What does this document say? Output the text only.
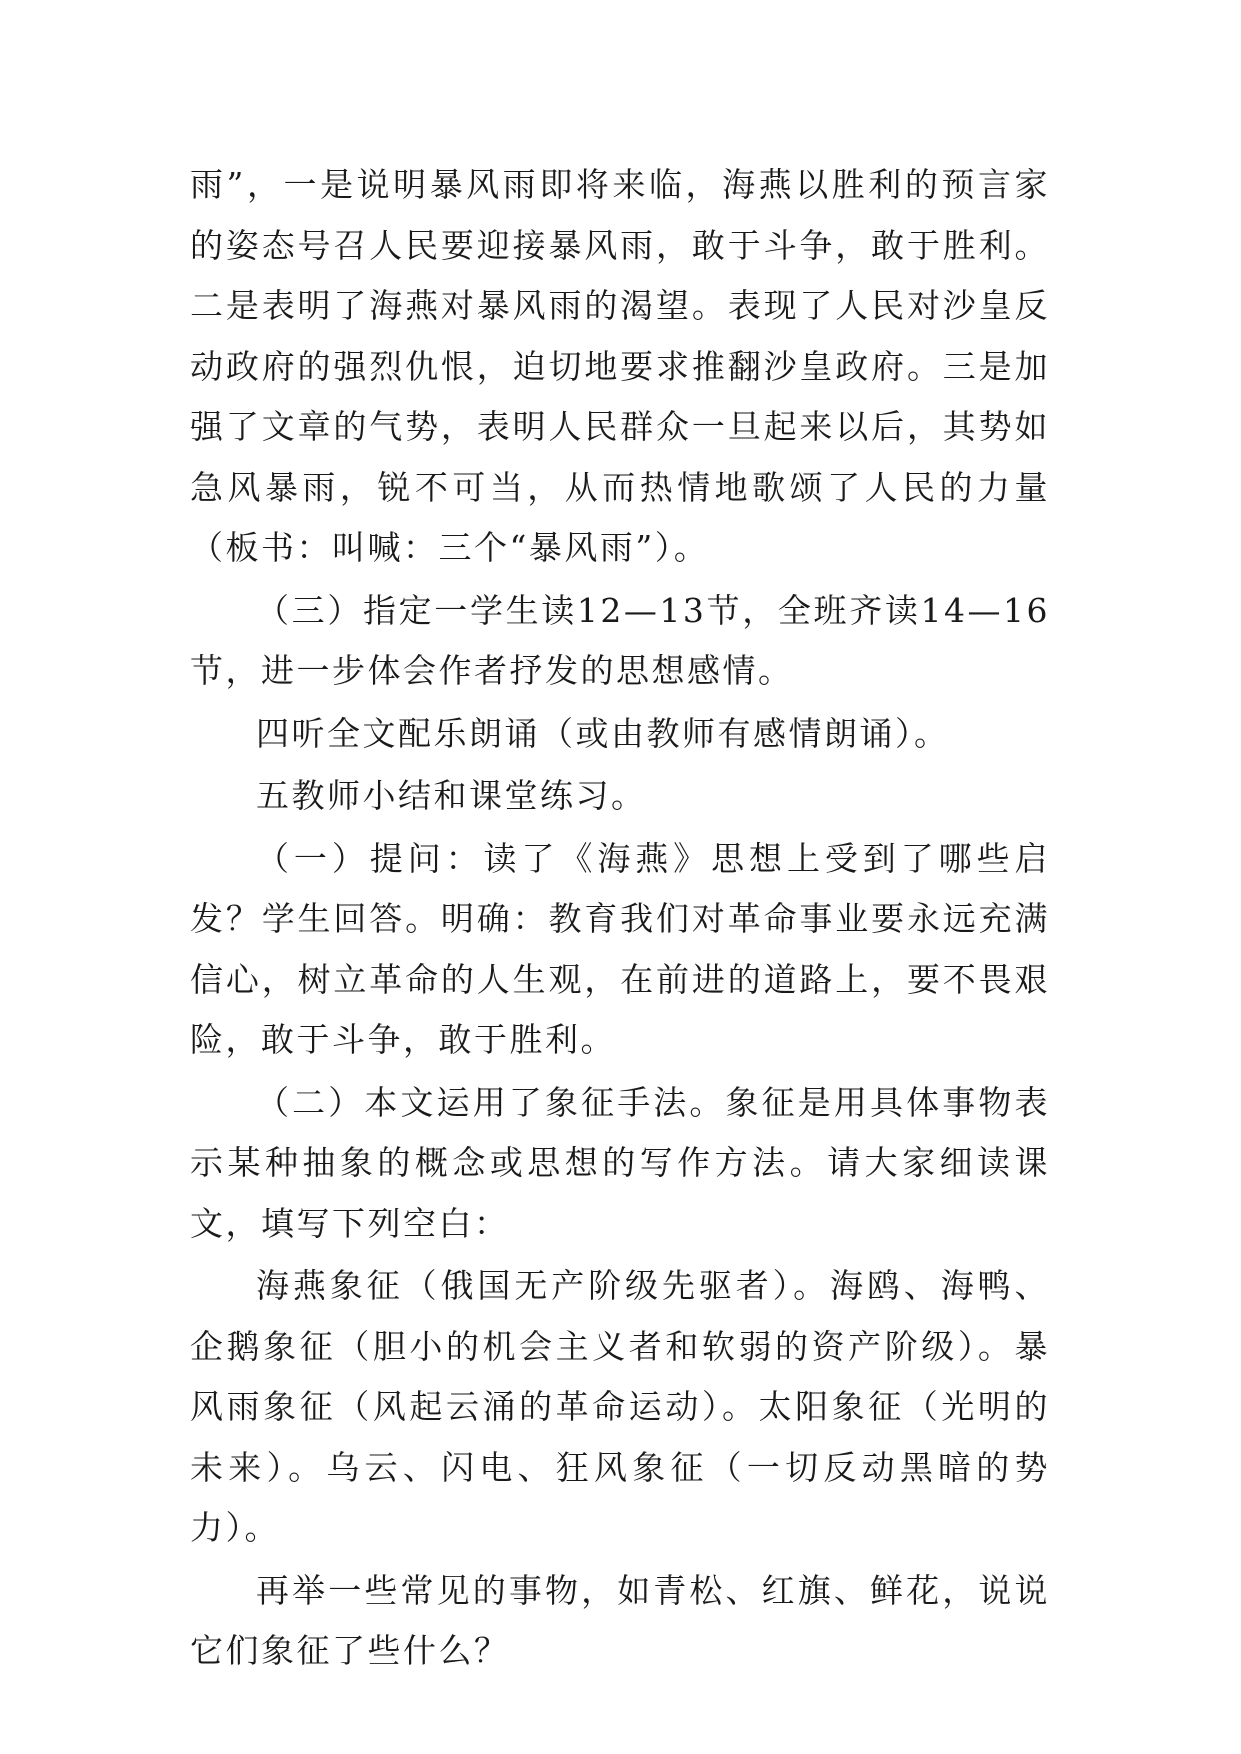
雨”，一是说明暴风雨即将来临，海燕以胜利的预言家的姿态号召人民要迎接暴风雨，敢于斗争，敢于胜利。二是表明了海燕对暴风雨的渴望。表现了人民对沙皇反动政府的强烈仇恨，迫切地要求推翻沙皇政府。三是加强了文章的气势，表明人民群众一旦起来以后，其势如急风暴雨，锐不可当，从而热情地歌颂了人民的力量（板书：叫喊：三个“暴风雨”）。

（三）指定一学生读12—13节，全班齐读14—16节，进一步体会作者抒发的思想感情。

四听全文配乐朗诵（或由教师有感情朗诵）。

五教师小结和课堂练习。

（一）提问：读了《海燕》思想上受到了哪些启发？学生回答。明确：教育我们对革命事业要永远充满信心，树立革命的人生观，在前进的道路上，要不畏艰险，敢于斗争，敢于胜利。

（二）本文运用了象征手法。象征是用具体事物表示某种抽象的概念或思想的写作方法。请大家细读课文，填写下列空白：

海燕象征（俄国无产阶级先驱者）。海鸥、海鸭、企鹅象征（胆小的机会主义者和软弱的资产阶级）。暴风雨象征（风起云涌的革命运动）。太阳象征（光明的未来）。乌云、闪电、狂风象征（一切反动黑暗的势力）。

再举一些常见的事物，如青松、红旗、鲜花，说说它们象征了些什么？
